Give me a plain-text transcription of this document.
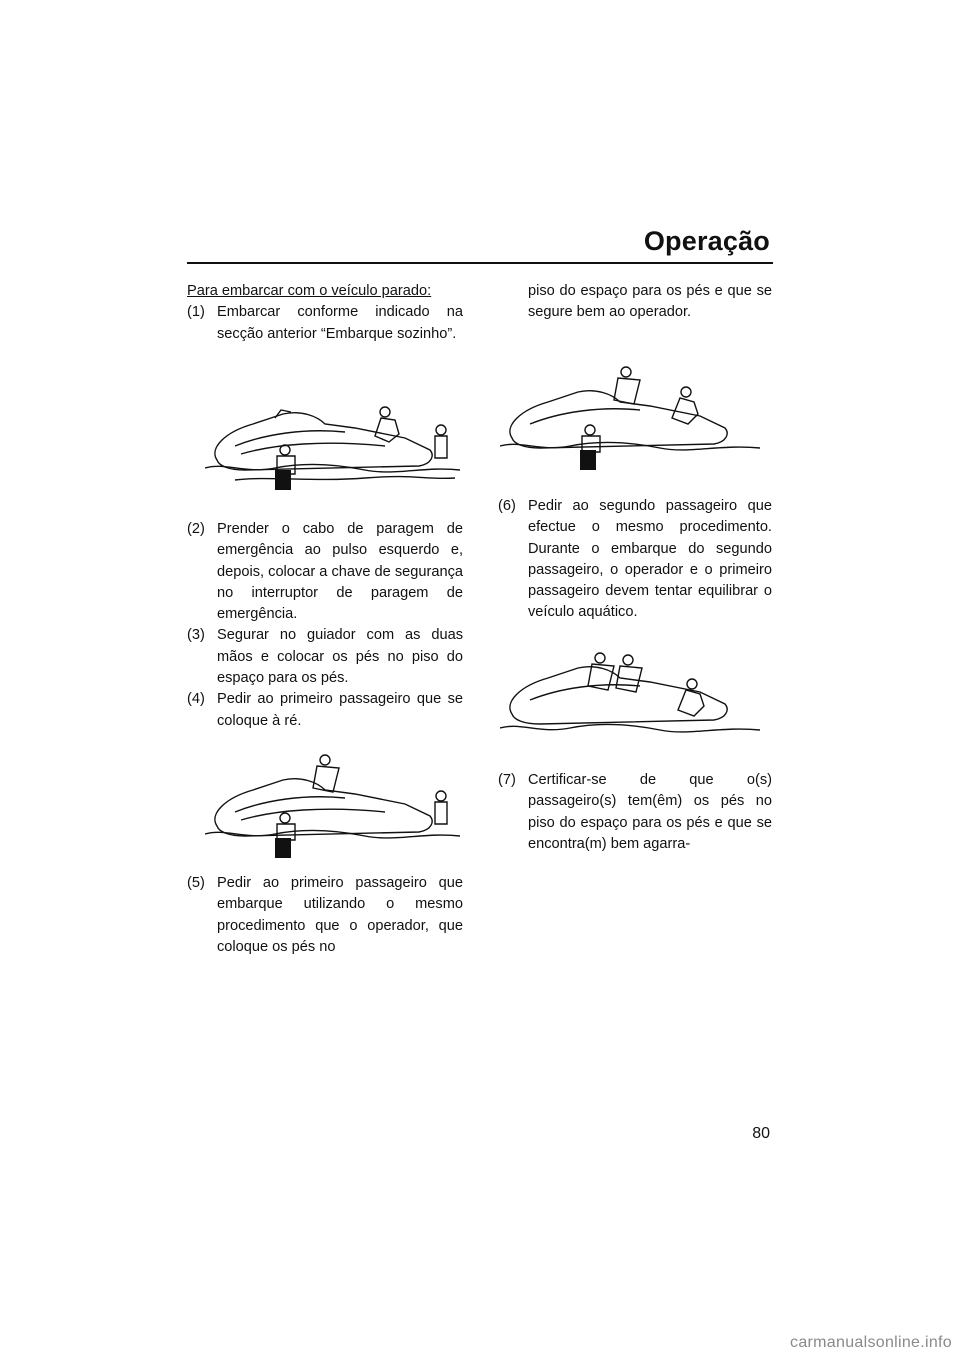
Operação
Para embarcar com o veículo parado:
(1) Embarcar conforme indicado na secção anterior “Embarque sozinho”.
(2) Prender o cabo de paragem de emergência ao pulso esquerdo e, depois, colocar a chave de segurança no interruptor de paragem de emergência.
(3) Segurar no guiador com as duas mãos e colocar os pés no piso do espaço para os pés.
(4) Pedir ao primeiro passageiro que se coloque à ré.
(5) Pedir ao primeiro passageiro que embarque utilizando o mesmo procedimento que o operador, que coloque os pés no
piso do espaço para os pés e que se segure bem ao operador.
(6) Pedir ao segundo passageiro que efectue o mesmo procedimento. Durante o embarque do segundo passageiro, o operador e o primeiro passageiro devem tentar equilibrar o veículo aquático.
(7) Certificar-se de que o(s) passageiro(s) tem(êm) os pés no piso do espaço para os pés e que se encontra(m) bem agarra-
80
carmanualsonline.info
